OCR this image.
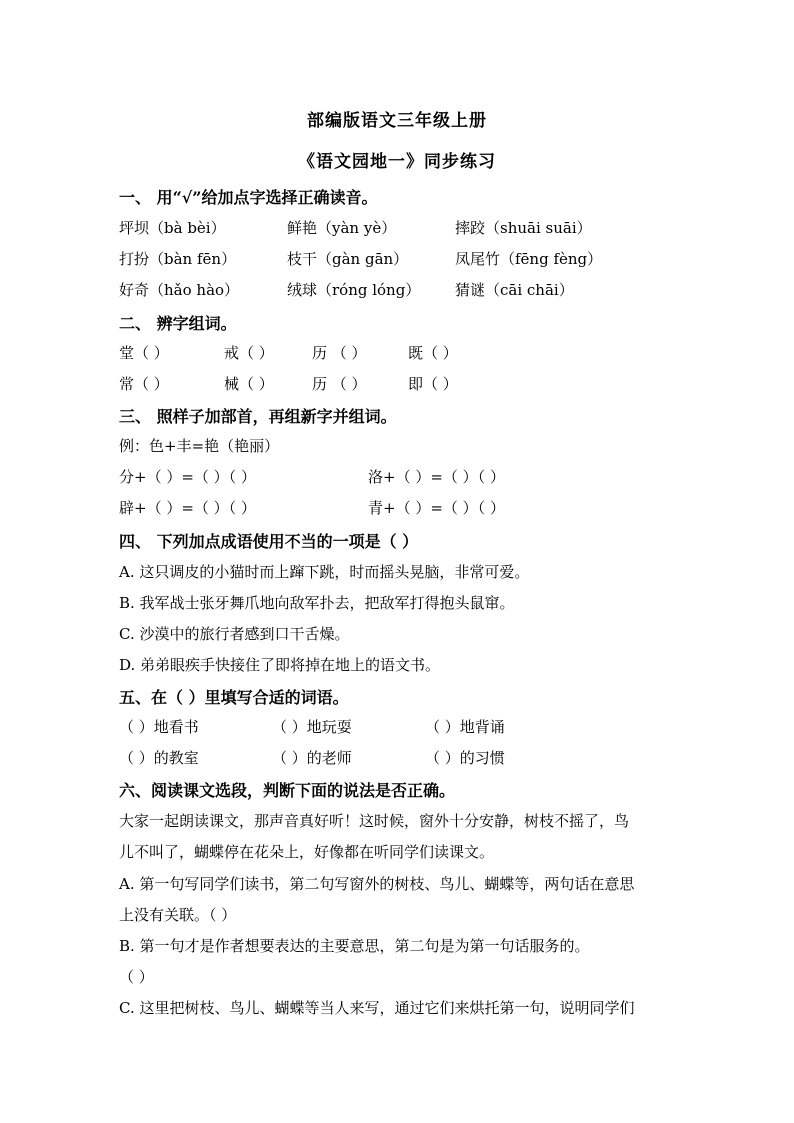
部编版语文三年级上册
《语文园地一》同步练习
一、 用“√”给加点字选择正确读音。
坪坝（bà bèi）	鲜艳（yàn yè）	摔跤（shuāi suāi）
打扮（bàn fēn）	枝干（gàn gān）	凤尾竹（fēng fèng）
好奇（hǎo hào）	绒球（róng lóng） 猜谜（cāi chāi）
二、 辨字组词。
堂（ ）	戒（ ）	历 （ ）	既（ ）
常（ ）	械（ ）	历 （ ）	即（ ）
三、 照样子加部首，再组新字并组词。
例：色+丰=艳（艳丽）
分+（ ）=（ ）（ ）	洛+（ ）=（ ）（ ）
辟+（ ）=（ ）（ ）	青+（ ）=（ ）（ ）
四、 下列加点成语使用不当的一项是（ ）
A. 这只调皮的小猫时而上蹿下跳，时而摇头晃脑，非常可爱。
B. 我军战士张牙舞爪地向敌军扑去，把敌军打得抱头鼠窜。
C. 沙漠中的旅行者感到口干舌燥。
D. 弟弟眼疾手快接住了即将掉在地上的语文书。
五、在（ ）里填写合适的词语。
（ ）地看书	（ ）地玩耍	（ ）地背诵
（ ）的教室	（ ）的老师	（ ）的习惯
六、阅读课文选段，判断下面的说法是否正确。
大家一起朗读课文，那声音真好听！这时候，窗外十分安静，树枝不摇了，鸟
儿不叫了，蝴蝶停在花朵上，好像都在听同学们读课文。
A. 第一句写同学们读书，第二句写窗外的树枝、鸟儿、蝴蝶等，两句话在意思
上没有关联。（ ）
B. 第一句才是作者想要表达的主要意思，第二句是为第一句话服务的。
（ ）
C. 这里把树枝、鸟儿、蝴蝶等当人来写，通过它们来烘托第一句，说明同学们
